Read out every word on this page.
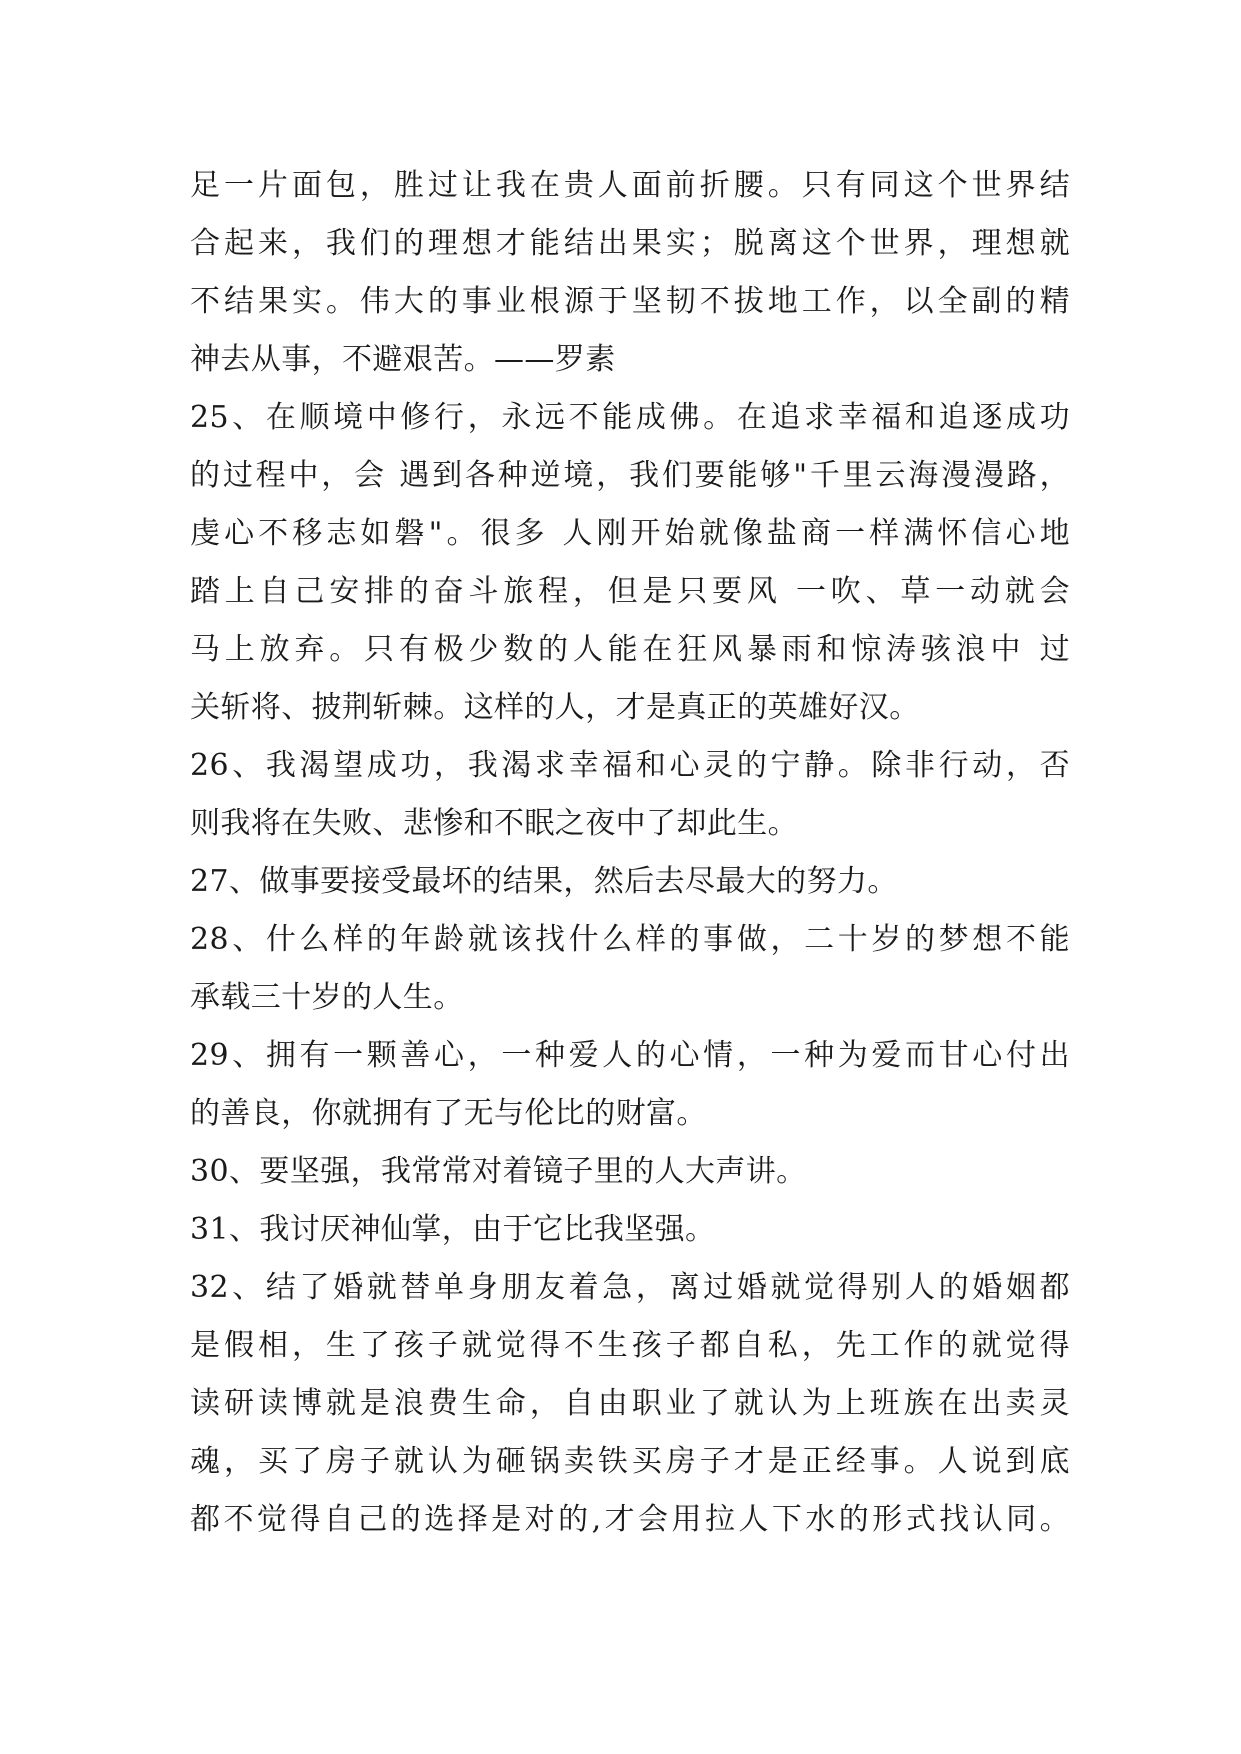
足一片面包，胜过让我在贵人面前折腰。只有同这个世界结
合起来，我们的理想才能结出果实；脱离这个世界，理想就
不结果实。伟大的事业根源于坚韧不拔地工作，以全副的精
神去从事，不避艰苦。——罗素
25、在顺境中修行，永远不能成佛。在追求幸福和追逐成功
的过程中，会 遇到各种逆境，我们要能够"千里云海漫漫路，
虔心不移志如磐"。很多 人刚开始就像盐商一样满怀信心地
踏上自己安排的奋斗旅程，但是只要风 一吹、草一动就会
马上放弃。只有极少数的人能在狂风暴雨和惊涛骇浪中 过
关斩将、披荆斩棘。这样的人，才是真正的英雄好汉。
26、我渴望成功，我渴求幸福和心灵的宁静。除非行动，否
则我将在失败、悲惨和不眠之夜中了却此生。
27、做事要接受最坏的结果，然后去尽最大的努力。
28、什么样的年龄就该找什么样的事做，二十岁的梦想不能
承载三十岁的人生。
29、拥有一颗善心，一种爱人的心情，一种为爱而甘心付出
的善良，你就拥有了无与伦比的财富。
30、要坚强，我常常对着镜子里的人大声讲。
31、我讨厌神仙掌，由于它比我坚强。
32、结了婚就替单身朋友着急，离过婚就觉得别人的婚姻都
是假相，生了孩子就觉得不生孩子都自私，先工作的就觉得
读研读博就是浪费生命，自由职业了就认为上班族在出卖灵
魂，买了房子就认为砸锅卖铁买房子才是正经事。人说到底
都不觉得自己的选择是对的,才会用拉人下水的形式找认同。
